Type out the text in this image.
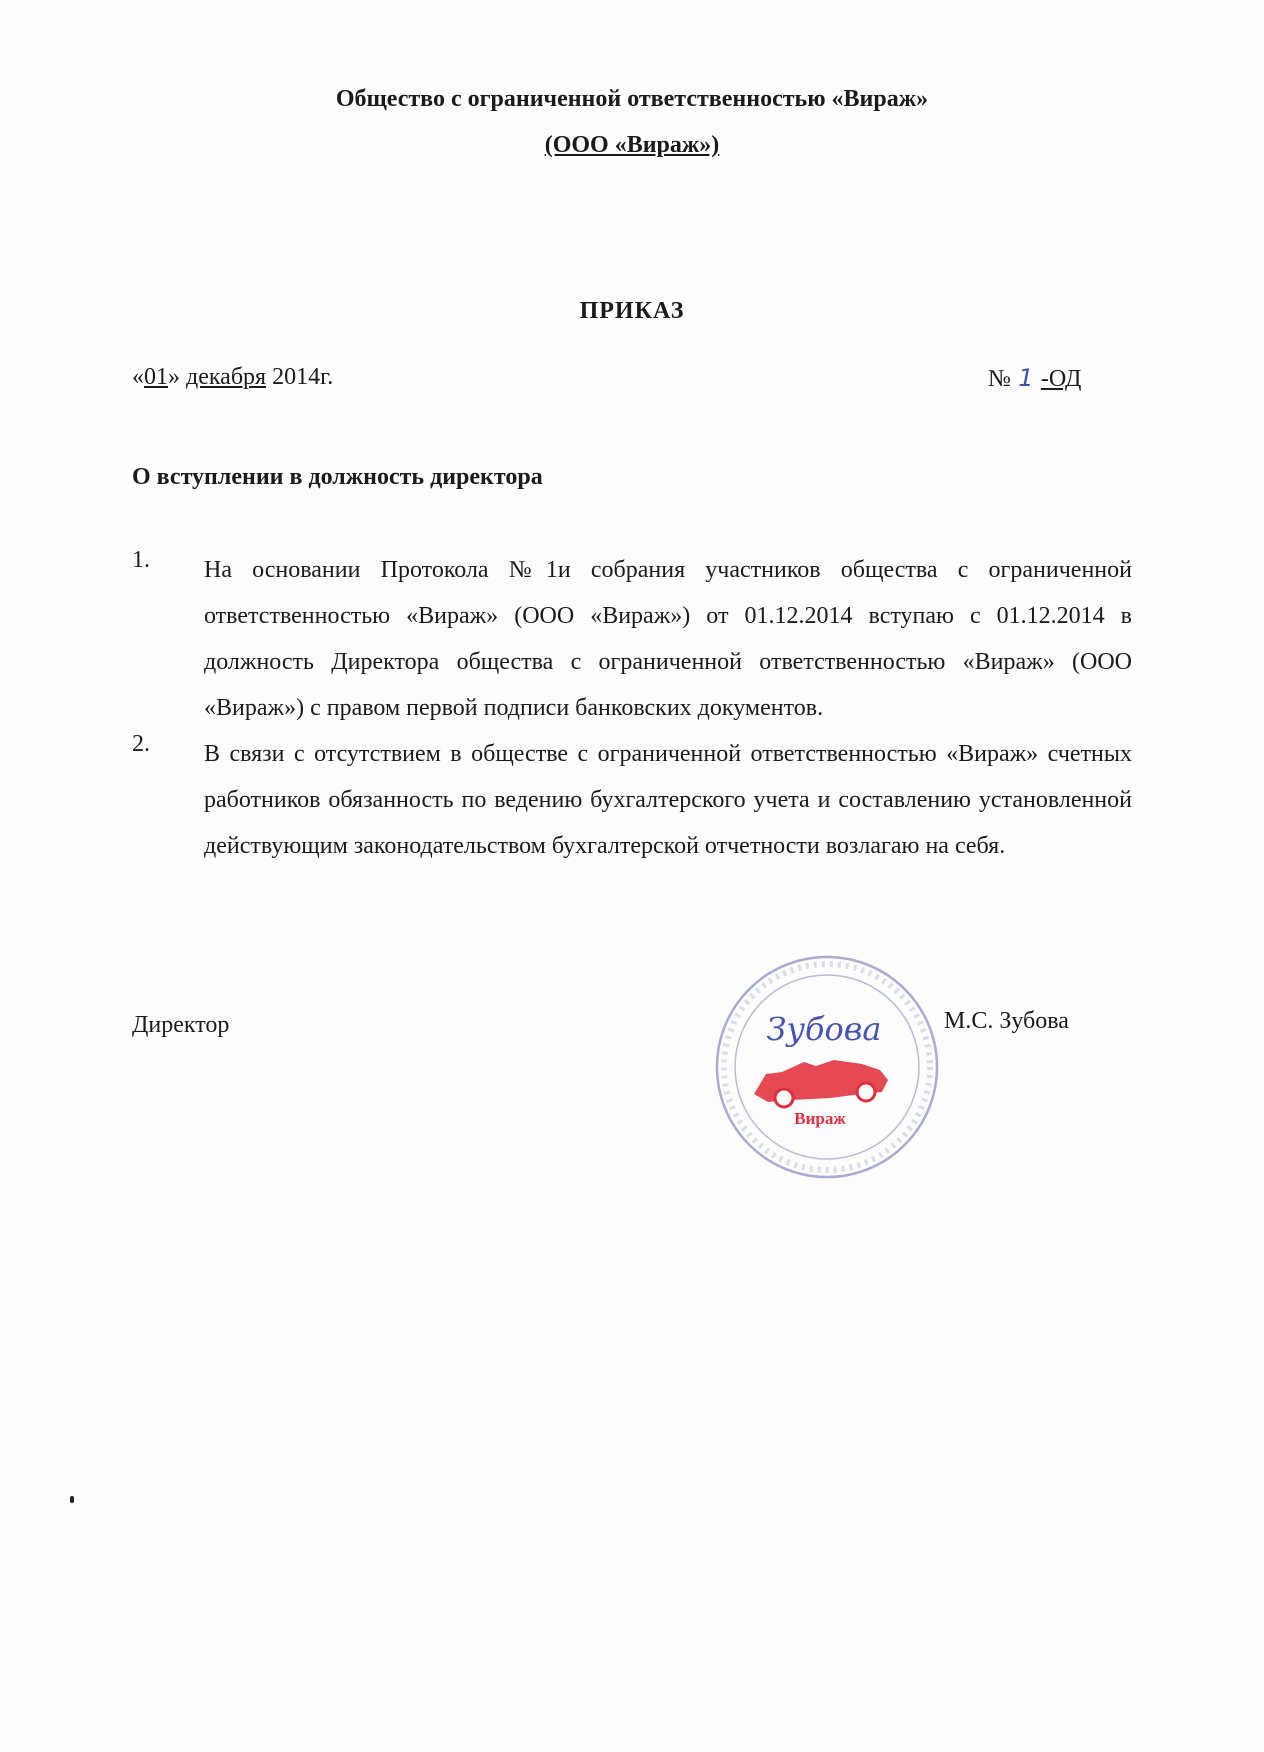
Общество с ограниченной ответственностью «Вираж»
(ООО «Вираж»)
ПРИКАЗ
«01» декабря 2014г.	№ 1 -ОД
О вступлении в должность директора
1. На основании Протокола №1и собрания участников общества с ограниченной ответственностью «Вираж» (ООО «Вираж») от 01.12.2014 вступаю с 01.12.2014 в должность Директора общества с ограниченной ответственностью «Вираж» (ООО «Вираж») с правом первой подписи банковских документов.
2. В связи с отсутствием в обществе с ограниченной ответственностью «Вираж» счетных работников обязанность по ведению бухгалтерского учета и составлению установленной действующим законодательством бухгалтерской отчетности возлагаю на себя.
Директор
Вираж
Зубова	М.С. Зубова
